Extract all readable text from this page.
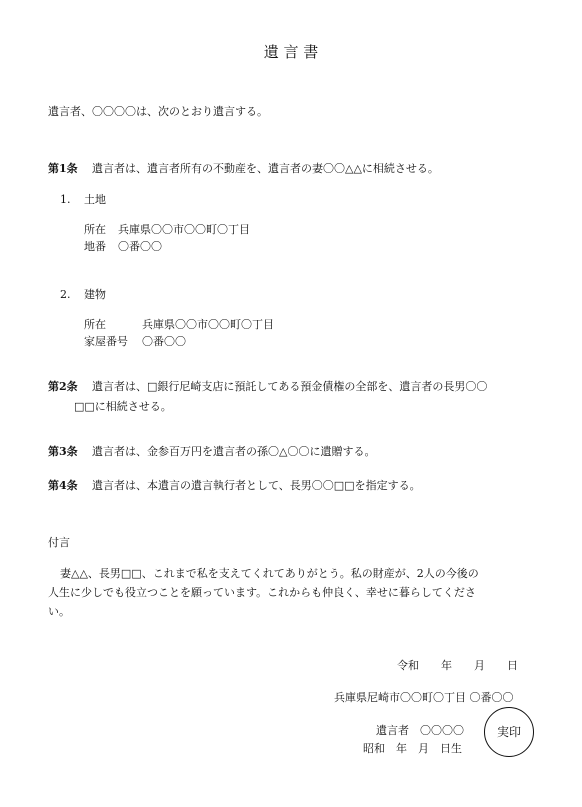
遺 言 書
遺言者、〇〇〇〇は、次のとおり遺言する。
第1条 遺言者は、遺言者所有の不動産を、遺言者の妻〇〇△△に相続させる。
1. 土地
所在 兵庫県〇〇市〇〇町〇丁目
地番 〇番〇〇
2. 建物
所在	兵庫県〇〇市〇〇町〇丁目
家屋番号 〇番〇〇
第2条 遺言者は、□銀行尼崎支店に預託してある預金債権の全部を、遺言者の長男〇〇
□□に相続させる。
第3条 遺言者は、金参百万円を遺言者の孫〇△〇〇に遺贈する。
第4条 遺言者は、本遺言の遺言執行者として、長男〇〇□□を指定する。
付言
妻△△、長男□□、これまで私を支えてくれてありがとう。私の財産が、2人の今後の
人生に少しでも役立つことを願っています。これからも仲良く、幸せに暮らしてくださ
い。
令和　　年　　月　　日
兵庫県尼崎市〇〇町〇丁目 〇番〇〇
遺言者　〇〇〇〇
昭和　年　月　日生
実印
